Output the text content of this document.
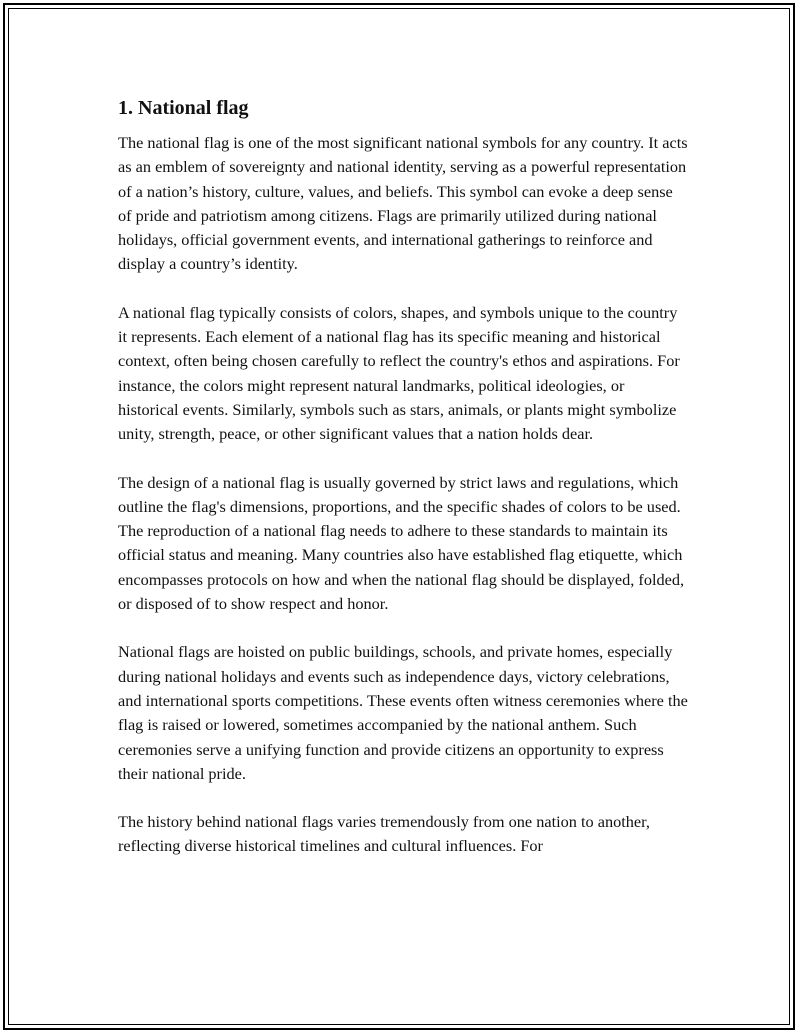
1. National flag

The national flag is one of the most significant national symbols for any country. It acts as an emblem of sovereignty and national identity, serving as a powerful representation of a nation’s history, culture, values, and beliefs. This symbol can evoke a deep sense of pride and patriotism among citizens. Flags are primarily utilized during national holidays, official government events, and international gatherings to reinforce and display a country’s identity.

A national flag typically consists of colors, shapes, and symbols unique to the country it represents. Each element of a national flag has its specific meaning and historical context, often being chosen carefully to reflect the country's ethos and aspirations. For instance, the colors might represent natural landmarks, political ideologies, or historical events. Similarly, symbols such as stars, animals, or plants might symbolize unity, strength, peace, or other significant values that a nation holds dear.

The design of a national flag is usually governed by strict laws and regulations, which outline the flag's dimensions, proportions, and the specific shades of colors to be used. The reproduction of a national flag needs to adhere to these standards to maintain its official status and meaning. Many countries also have established flag etiquette, which encompasses protocols on how and when the national flag should be displayed, folded, or disposed of to show respect and honor.

National flags are hoisted on public buildings, schools, and private homes, especially during national holidays and events such as independence days, victory celebrations, and international sports competitions. These events often witness ceremonies where the flag is raised or lowered, sometimes accompanied by the national anthem. Such ceremonies serve a unifying function and provide citizens an opportunity to express their national pride.

The history behind national flags varies tremendously from one nation to another, reflecting diverse historical timelines and cultural influences. For
